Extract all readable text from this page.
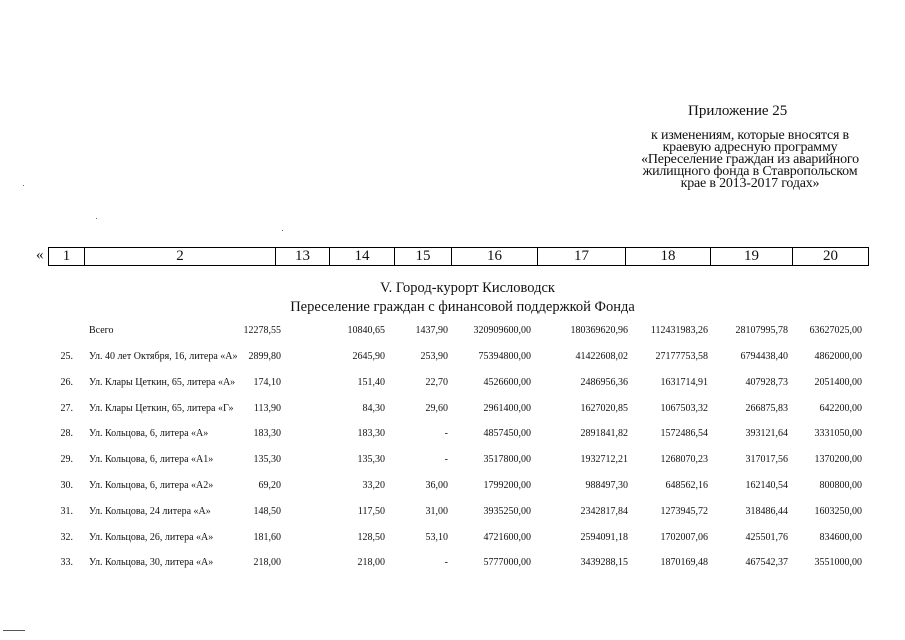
Приложение 25
к изменениям, которые вносятся в
краевую адресную программу
«Переселение граждан из аварийного
жилищного фонда в Ставропольском
крае в 2013-2017 годах»
«	1	2	13	14	15	16	17	18	19	20
V. Город-курорт Кисловодск
Переселение граждан с финансовой поддержкой Фонда
Всего	12278,55	10840,65	1437,90	320909600,00	180369620,96 112431983,26	28107995,78 63627025,00
25. Ул. 40 лет Октября, 16, литера «А» 2899,80	2645,90	253,90	75394800,00	41422608,02	27177753,58	6794438,40	4862000,00
26. Ул. Клары Цеткин, 65, литера «А» 174,10	151,40	22,70	4526600,00	2486956,36	1631714,91	407928,73	2051400,00
27. Ул. Клары Цеткин, 65, литера «Г» 113,90	84,30	29,60	2961400,00	1627020,85	1067503,32	266875,83	642200,00
28. Ул. Кольцова, 6, литера «А»	183,30	183,30	-	4857450,00	2891841,82	1572486,54	393121,64	3331050,00
29. Ул. Кольцова, 6, литера «А1»	135,30	135,30	-	3517800,00	1932712,21	1268070,23	317017,56	1370200,00
30. Ул. Кольцова, 6, литера «А2»	69,20	33,20	36,00	1799200,00	988497,30	648562,16	162140,54	800800,00
31. Ул. Кольцова, 24 литера «А»	148,50	117,50	31,00	3935250,00	2342817,84	1273945,72	318486,44	1603250,00
32. Ул. Кольцова, 26, литера «А»	181,60	128,50	53,10	4721600,00	2594091,18	1702007,06	425501,76	834600,00
33. Ул. Кольцова, 30, литера «А»	218,00	218,00	-	5777000,00	3439288,15	1870169,48	467542,37	3551000,00
